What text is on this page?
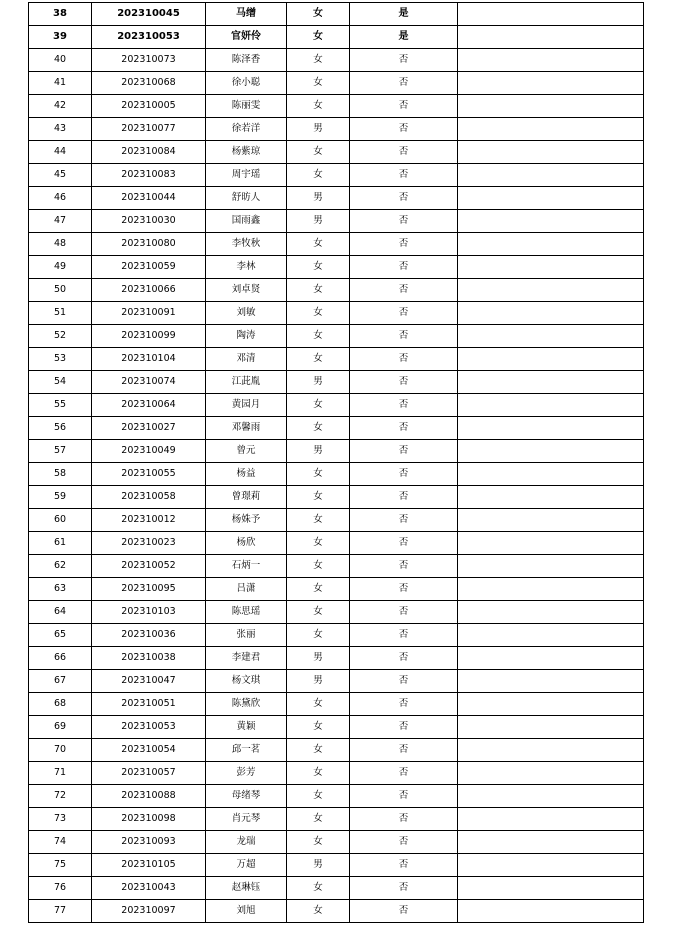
38	202310045	马缯	女	是	
39	202310053	官妍伶	女	是	
40	202310073	陈泽香	女	否	
41	202310068	徐小聪	女	否	
42	202310005	陈丽雯	女	否	
43	202310077	徐若洋	男	否	
44	202310084	杨紫琼	女	否	
45	202310083	周宇瑶	女	否	
46	202310044	舒昉人	男	否	
47	202310030	国雨鑫	男	否	
48	202310080	李牧秋	女	否	
49	202310059	李林	女	否	
50	202310066	刘卓贤	女	否	
51	202310091	刘敏	女	否	
52	202310099	陶涛	女	否	
53	202310104	邓清	女	否	
54	202310074	江茈胤	男	否	
55	202310064	黄园月	女	否	
56	202310027	邓馨雨	女	否	
57	202310049	曾元	男	否	
58	202310055	杨益	女	否	
59	202310058	曾璟莉	女	否	
60	202310012	杨姝予	女	否	
61	202310023	杨欣	女	否	
62	202310052	石炳一	女	否	
63	202310095	吕潇	女	否	
64	202310103	陈思瑶	女	否	
65	202310036	张丽	女	否	
66	202310038	李建君	男	否	
67	202310047	杨文琪	男	否	
68	202310051	陈黛欣	女	否	
69	202310053	黄颖	女	否	
70	202310054	邱一茗	女	否	
71	202310057	彭芳	女	否	
72	202310088	母绪琴	女	否	
73	202310098	肖元琴	女	否	
74	202310093	龙瑞	女	否	
75	202310105	万超	男	否	
76	202310043	赵琳钰	女	否	
77	202310097	刘旭	女	否	
